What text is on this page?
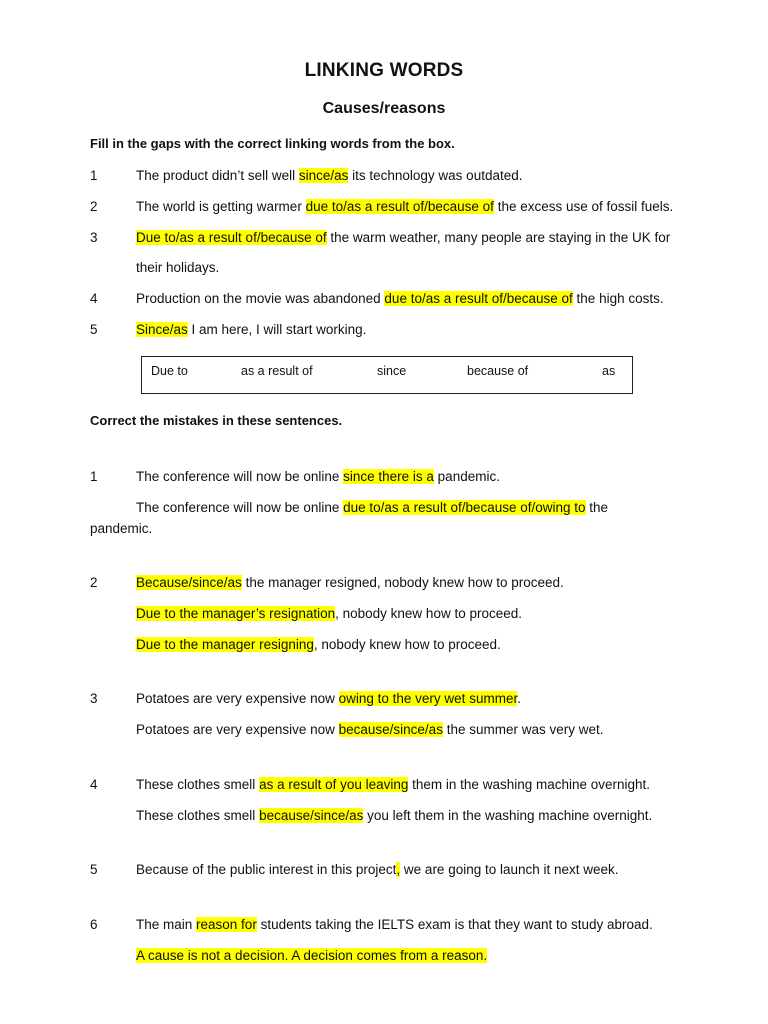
LINKING WORDS
Causes/reasons
Fill in the gaps with the correct linking words from the box.
1	The product didn’t sell well since/as its technology was outdated.
2	The world is getting warmer due to/as a result of/because of the excess use of fossil fuels.
3	Due to/as a result of/because of the warm weather, many people are staying in the UK for
their holidays.
4	Production on the movie was abandoned due to/as a result of/because of the high costs.
5	Since/as I am here, I will start working.
Due to	as a result of	since	because of	as
Correct the mistakes in these sentences.
1	The conference will now be online since there is a pandemic.
The conference will now be online due to/as a result of/because of/owing to the
pandemic.
2	Because/since/as the manager resigned, nobody knew how to proceed.
Due to the manager’s resignation, nobody knew how to proceed.
Due to the manager resigning, nobody knew how to proceed.
3	Potatoes are very expensive now owing to the very wet summer.
Potatoes are very expensive now because/since/as the summer was very wet.
4	These clothes smell as a result of you leaving them in the washing machine overnight.
These clothes smell because/since/as you left them in the washing machine overnight.
5	Because of the public interest in this project, we are going to launch it next week.
6	The main reason for students taking the IELTS exam is that they want to study abroad.
A cause is not a decision. A decision comes from a reason.
